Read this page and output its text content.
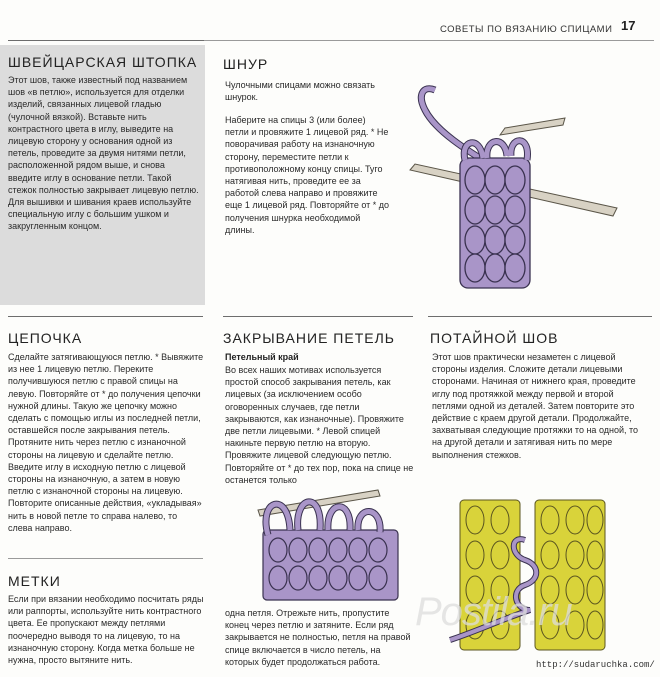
СОВЕТЫ ПО ВЯЗАНИЮ СПИЦАМИ 17
ШВЕЙЦАРСКАЯ ШТОПКА
Этот шов, также известный под названием шов «в петлю», используется для отделки изделий, связанных лицевой гладью (чулочной вязкой). Вставьте нить контрастного цвета в иглу, выведите на лицевую сторону у основания одной из петель, проведите за двумя нитями петли, расположенной рядом выше, и снова введите иглу в основание петли. Такой стежок полностью закрывает лицевую петлю. Для вышивки и шивания краев используйте специальную иглу с большим ушком и закругленным концом.
ШНУР
Чулочными спицами можно связать шнурок.
Наберите на спицы 3 (или более) петли и провяжите 1 лицевой ряд. * Не поворачивая работу на изнаночную сторону, переместите петли к противоположному концу спицы. Туго натягивая нить, проведите ее за работой слева направо и провяжите еще 1 лицевой ряд. Повторяйте от * до получения шнурка необходимой длины.
ЦЕПОЧКА
Сделайте затягивающуюся петлю. * Вывяжите из нее 1 лицевую петлю. Переките получившуюся петлю с правой спицы на левую. Повторяйте от * до получения цепочки нужной длины. Такую же цепочку можно сделать с помощью иглы из последней петли, оставшейся после закрывания петель. Протяните нить через петлю с изнаночной стороны на лицевую и сделайте петлю. Введите иглу в исходную петлю с лицевой стороны на изнаночную, а затем в новую петлю с изнаночной стороны на лицевую. Повторите описанные действия, «укладывая» нить в новой петле то справа налево, то слева направо.
МЕТКИ
Если при вязании необходимо посчитать ряды или раппорты, используйте нить контрастного цвета. Ее пропускают между петлями поочередно выводя то на лицевую, то на изнаночную сторону. Когда метка больше не нужна, просто вытяните нить.
ЗАКРЫВАНИЕ ПЕТЕЛЬ
Петельный край
Во всех наших мотивах используется простой способ закрывания петель, как лицевых (за исключением особо оговоренных случаев, где петли закрываются, как изнаночные). Провяжите две петли лицевыми. * Левой спицей накиньте первую петлю на вторую. Провяжите лицевой следующую петлю. Повторяйте от * до тех пор, пока на спице не останется только
одна петля. Отрежьте нить, пропустите конец через петлю и затяните. Если ряд закрывается не полностью, петля на правой спице включается в число петель, на которых будет продолжаться работа.
ПОТАЙНОЙ ШОВ
Этот шов практически незаметен с лицевой стороны изделия. Сложите детали лицевыми сторонами. Начиная от нижнего края, проведите иглу под протяжкой между первой и второй петлями одной из деталей. Затем повторите это действие с краем другой детали. Продолжайте, захватывая следующие протяжки то на одной, то на другой детали и затягивая нить по мере выполнения стежков.
Postila.ru
http://sudaruchka.com/
